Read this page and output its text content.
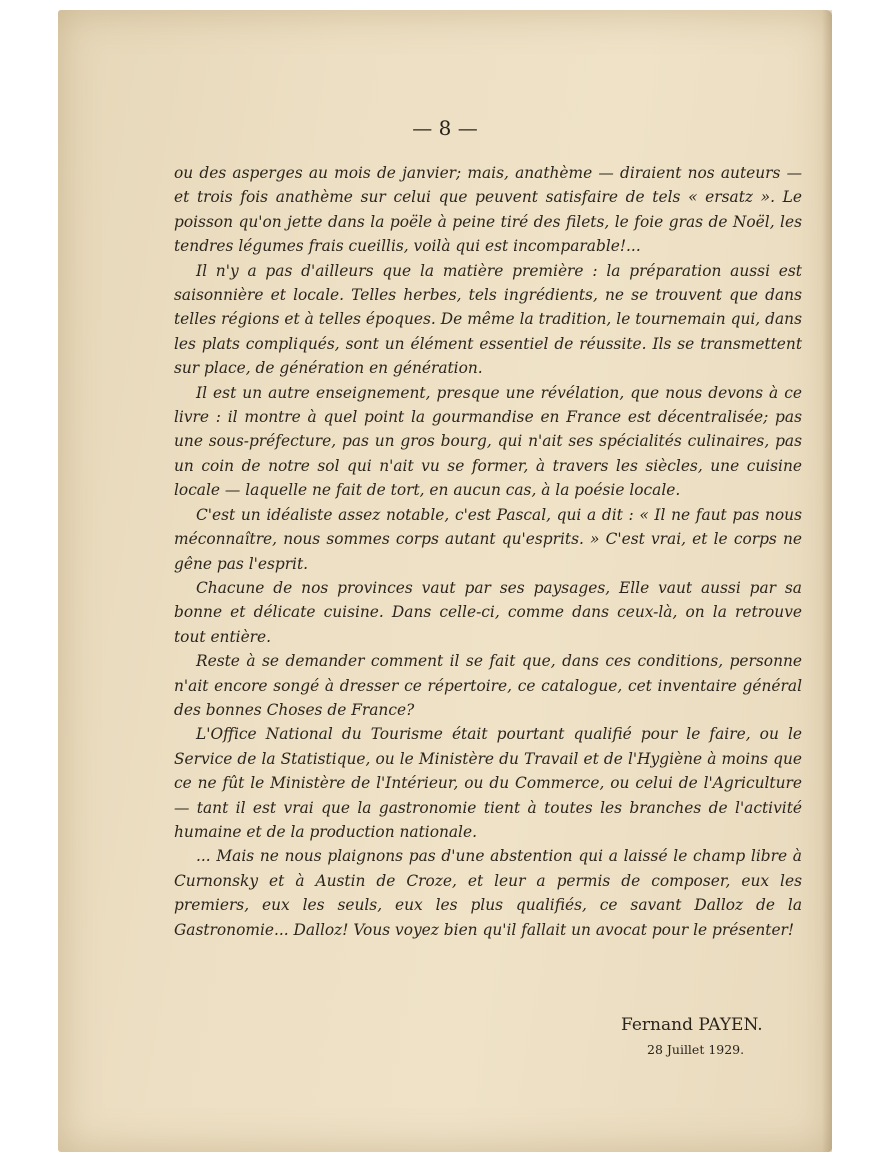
— 8 —

ou des asperges au mois de janvier; mais, anathème — diraient nos auteurs — et trois fois anathème sur celui que peuvent satisfaire de tels « ersatz ». Le poisson qu'on jette dans la poële à peine tiré des filets, le foie gras de Noël, les tendres légumes frais cueillis, voilà qui est incomparable!...

Il n'y a pas d'ailleurs que la matière première : la préparation aussi est saisonnière et locale. Telles herbes, tels ingrédients, ne se trouvent que dans telles régions et à telles époques. De même la tradition, le tournemain qui, dans les plats compliqués, sont un élément essentiel de réussite. Ils se transmettent sur place, de génération en génération.

Il est un autre enseignement, presque une révélation, que nous devons à ce livre : il montre à quel point la gourmandise en France est décentralisée; pas une sous-préfecture, pas un gros bourg, qui n'ait ses spécialités culinaires, pas un coin de notre sol qui n'ait vu se former, à travers les siècles, une cuisine locale — laquelle ne fait de tort, en aucun cas, à la poésie locale.

C'est un idéaliste assez notable, c'est Pascal, qui a dit : « Il ne faut pas nous méconnaître, nous sommes corps autant qu'esprits. » C'est vrai, et le corps ne gêne pas l'esprit.

Chacune de nos provinces vaut par ses paysages, Elle vaut aussi par sa bonne et délicate cuisine. Dans celle-ci, comme dans ceux-là, on la retrouve tout entière.

Reste à se demander comment il se fait que, dans ces conditions, personne n'ait encore songé à dresser ce répertoire, ce catalogue, cet inventaire général des bonnes Choses de France?

L'Office National du Tourisme était pourtant qualifié pour le faire, ou le Service de la Statistique, ou le Ministère du Travail et de l'Hygiène à moins que ce ne fût le Ministère de l'Intérieur, ou du Commerce, ou celui de l'Agriculture — tant il est vrai que la gastronomie tient à toutes les branches de l'activité humaine et de la production nationale.

... Mais ne nous plaignons pas d'une abstention qui a laissé le champ libre à Curnonsky et à Austin de Croze, et leur a permis de composer, eux les premiers, eux les seuls, eux les plus qualifiés, ce savant Dalloz de la Gastronomie... Dalloz! Vous voyez bien qu'il fallait un avocat pour le présenter!

Fernand PAYEN.
28 Juillet 1929.
